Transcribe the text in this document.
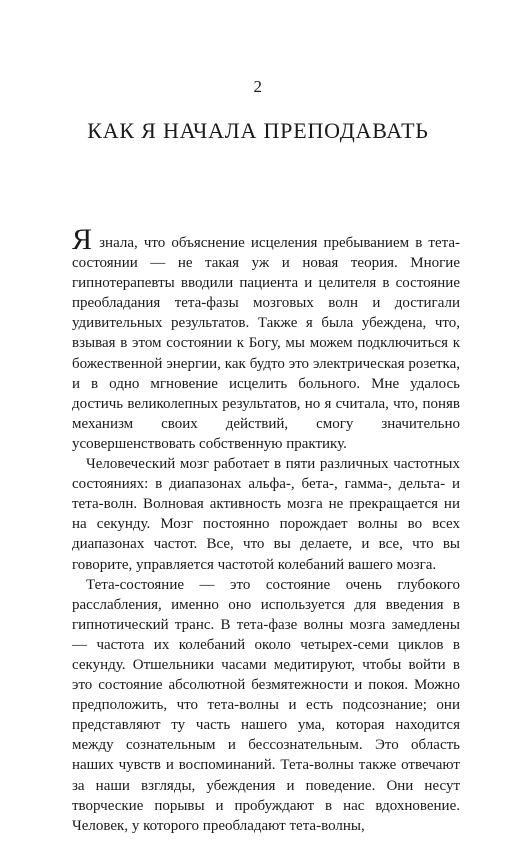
2
КАК Я НАЧАЛА ПРЕПОДАВАТЬ

Я знала, что объяснение исцеления пребыванием в тета-состоянии — не такая уж и новая теория. Многие гипнотерапевты вводили пациента и целителя в состояние преобладания тета-фазы мозговых волн и достигали удивительных результатов. Также я была убеждена, что, взывая в этом состоянии к Богу, мы можем подключиться к божественной энергии, как будто это электрическая розетка, и в одно мгновение исцелить больного. Мне удалось достичь великолепных результатов, но я считала, что, поняв механизм своих действий, смогу значительно усовершенствовать собственную практику.

Человеческий мозг работает в пяти различных частотных состояниях: в диапазонах альфа-, бета-, гамма-, дельта- и тета-волн. Волновая активность мозга не прекращается ни на секунду. Мозг постоянно порождает волны во всех диапазонах частот. Все, что вы делаете, и все, что вы говорите, управляется частотой колебаний вашего мозга.

Тета-состояние — это состояние очень глубокого расслабления, именно оно используется для введения в гипнотический транс. В тета-фазе волны мозга замедлены — частота их колебаний около четырех-семи циклов в секунду. Отшельники часами медитируют, чтобы войти в это состояние абсолютной безмятежности и покоя. Можно предположить, что тета-волны и есть подсознание; они представляют ту часть нашего ума, которая находится между сознательным и бессознательным. Это область наших чувств и воспоминаний. Тета-волны также отвечают за наши взгляды, убеждения и поведение. Они несут творческие порывы и пробуждают в нас вдохновение. Человек, у которого преобладают тета-волны,
